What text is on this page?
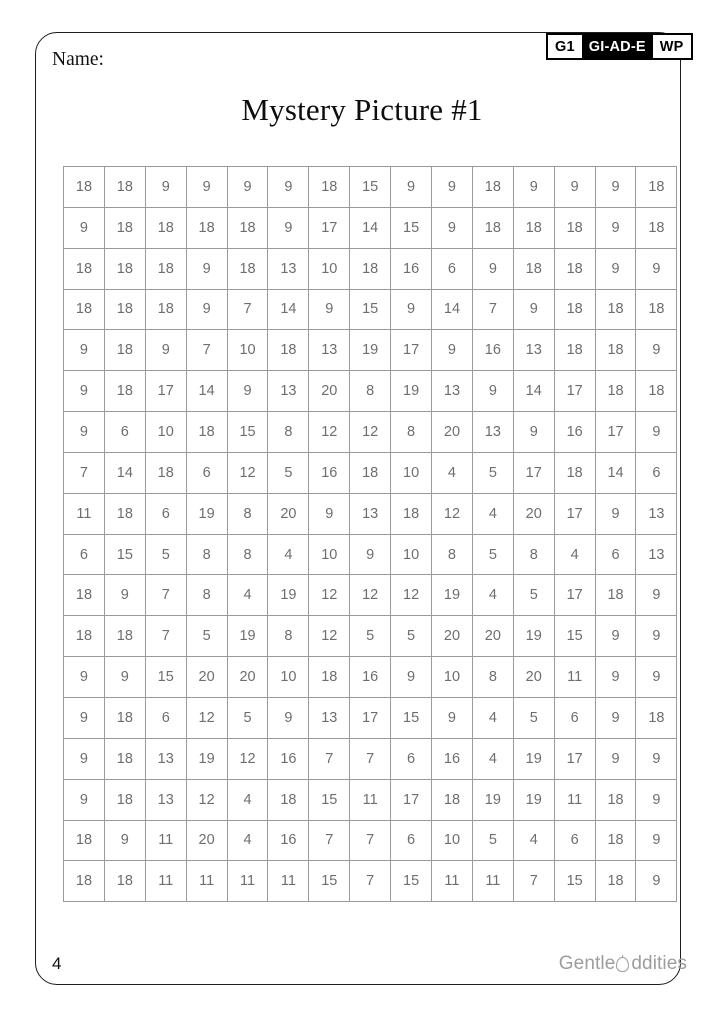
G1 GI-AD-E WP
Name:
Mystery Picture #1
18	18	9	9	9	9	18	15	9	9	18	9	9	9	18
9	18	18	18	18	9	17	14	15	9	18	18	18	9	18
18	18	18	9	18	13	10	18	16	6	9	18	18	9	9
18	18	18	9	7	14	9	15	9	14	7	9	18	18	18
9	18	9	7	10	18	13	19	17	9	16	13	18	18	9
9	18	17	14	9	13	20	8	19	13	9	14	17	18	18
9	6	10	18	15	8	12	12	8	20	13	9	16	17	9
7	14	18	6	12	5	16	18	10	4	5	17	18	14	6
11	18	6	19	8	20	9	13	18	12	4	20	17	9	13
6	15	5	8	8	4	10	9	10	8	5	8	4	6	13
18	9	7	8	4	19	12	12	12	19	4	5	17	18	9
18	18	7	5	19	8	12	5	5	20	20	19	15	9	9
9	9	15	20	20	10	18	16	9	10	8	20	11	9	9
9	18	6	12	5	9	13	17	15	9	4	5	6	9	18
9	18	13	19	12	16	7	7	6	16	4	19	17	9	9
9	18	13	12	4	18	15	11	17	18	19	19	11	18	9
18	9	11	20	4	16	7	7	6	10	5	4	6	18	9
18	18	11	11	11	11	15	7	15	11	11	7	15	18	9
4	Gentle ddities
